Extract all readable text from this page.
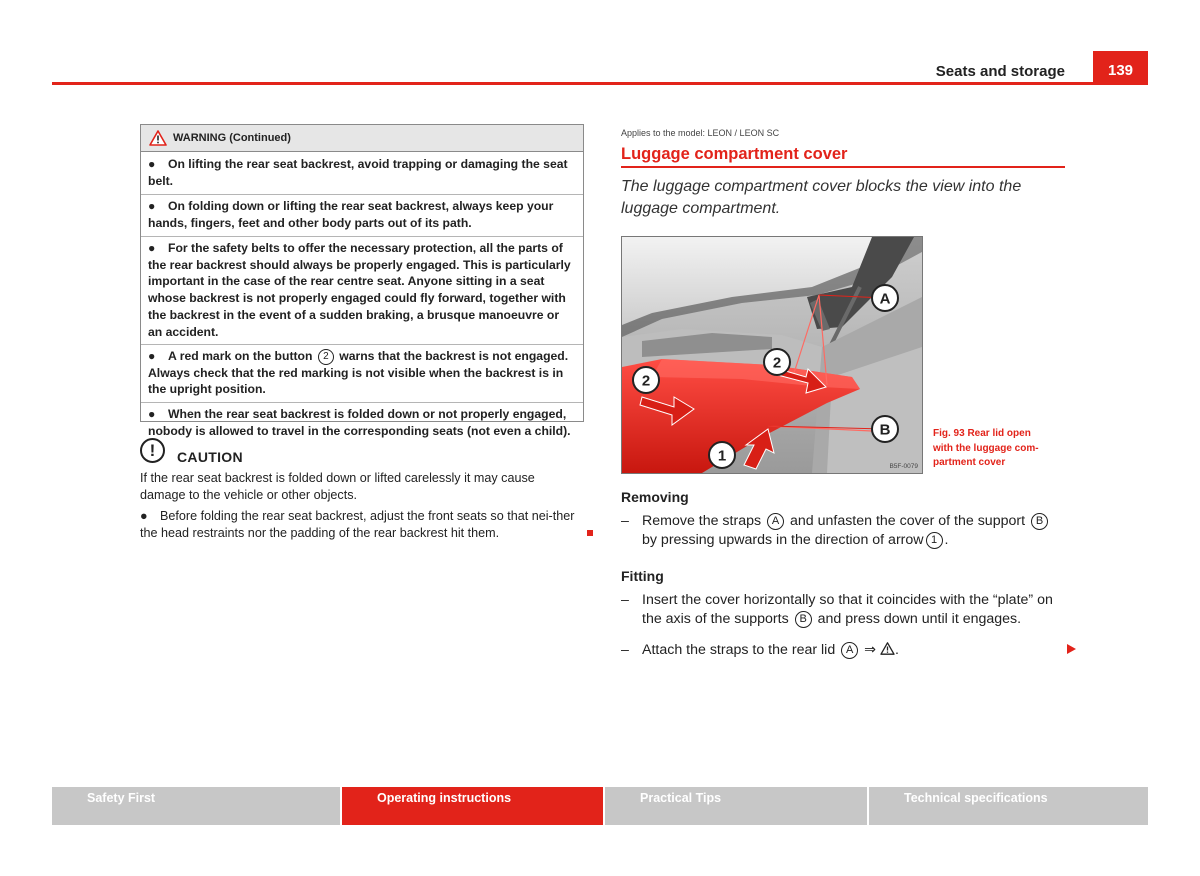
Seats and storage	139
WARNING (Continued)
● On lifting the rear seat backrest, avoid trapping or damaging the seat belt.
● On folding down or lifting the rear seat backrest, always keep your hands, fingers, feet and other body parts out of its path.
● For the safety belts to offer the necessary protection, all the parts of the rear backrest should always be properly engaged. This is particularly important in the case of the rear centre seat. Anyone sitting in a seat whose backrest is not properly engaged could fly forward, together with the backrest in the event of a sudden braking, a brusque manoeuvre or an accident.
● A red mark on the button 2 warns that the backrest is not engaged. Always check that the red marking is not visible when the backrest is in the upright position.
● When the rear seat backrest is folded down or not properly engaged, nobody is allowed to travel in the corresponding seats (not even a child).
!	CAUTION

If the rear seat backrest is folded down or lifted carelessly it may cause damage to the vehicle or other objects.

● Before folding the rear seat backrest, adjust the front seats so that nei-ther the head restraints nor the padding of the rear backrest hit them.

Applies to the model: LEON / LEON SC
Luggage compartment cover
The luggage compartment cover blocks the view into the luggage compartment.
A
2
2
B
1
B5F-0079
Fig. 93 Rear lid open with the luggage com-partment cover
Removing
– Remove the straps A and unfasten the cover of the support B by pressing upwards in the direction of arrow 1 .
Fitting
– Insert the cover horizontally so that it coincides with the “plate” on the axis of the supports B and press down until it engages.
– Attach the straps to the rear lid A ⇒ .
Safety First	Operating instructions	Practical Tips	Technical specifications
